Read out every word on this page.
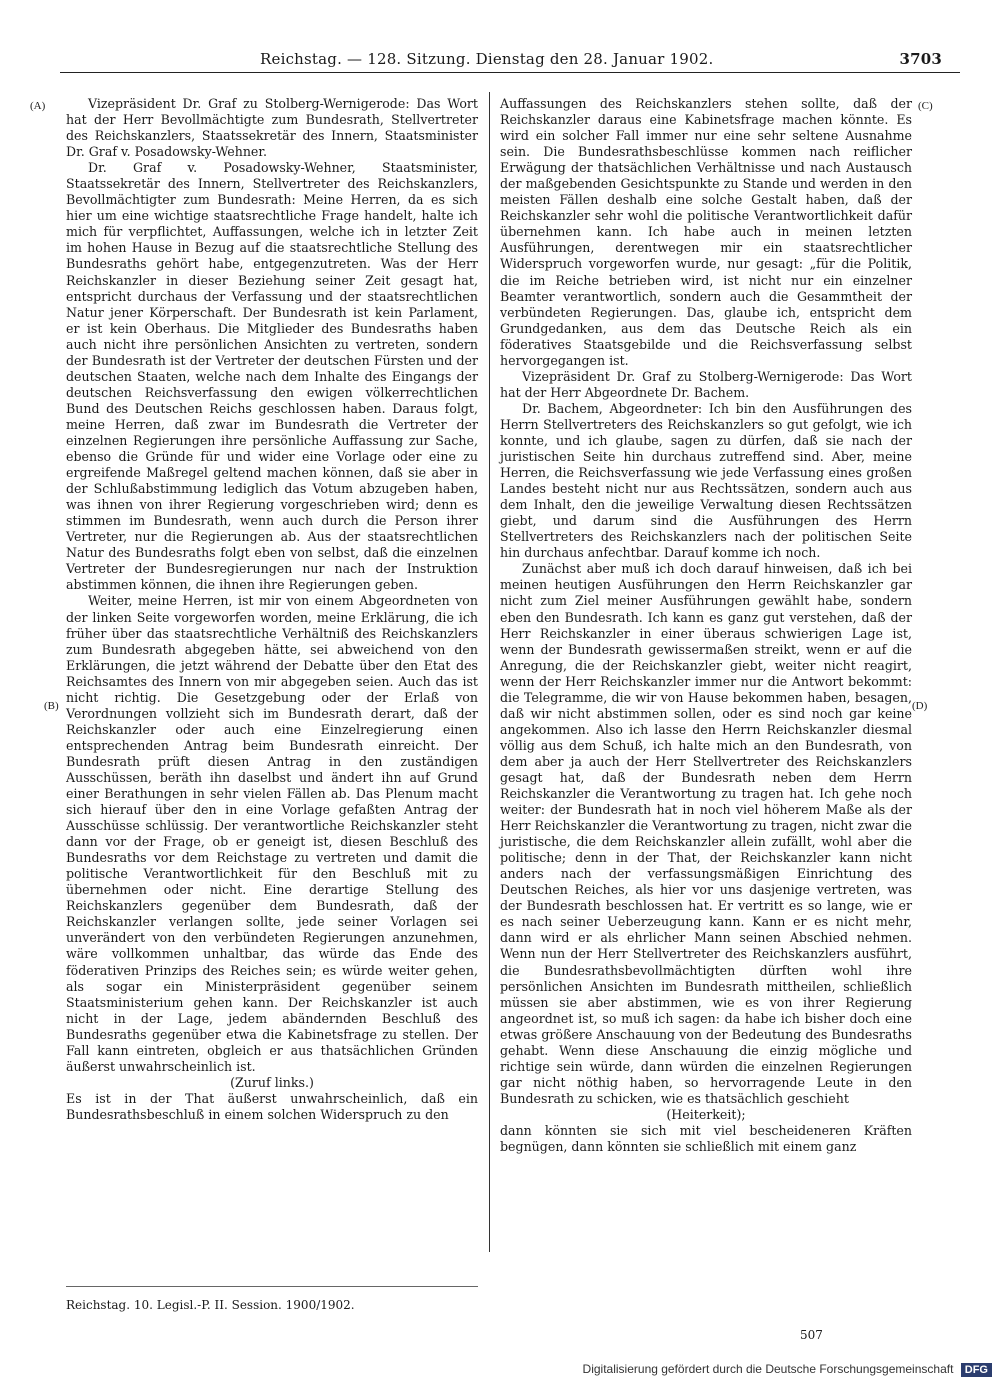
Reichstag. — 128. Sitzung. Dienstag den 28. Januar 1902.	3703
(A)
(B)
(C)
(D)

Vizepräsident Dr. Graf zu Stolberg-Wernigerode: Das Wort hat der Herr Bevollmächtigte zum Bundesrath, Stellvertreter des Reichskanzlers, Staatssekretär des Innern, Staatsminister Dr. Graf v. Posadowsky-Wehner.

Dr. Graf v. Posadowsky-Wehner, Staatsminister, Staatssekretär des Innern, Stellvertreter des Reichskanzlers, Bevollmächtigter zum Bundesrath: Meine Herren, da es sich hier um eine wichtige staatsrechtliche Frage handelt, halte ich mich für verpflichtet, Auffassungen, welche ich in letzter Zeit im hohen Hause in Bezug auf die staatsrechtliche Stellung des Bundesraths gehört habe, entgegenzutreten. Was der Herr Reichskanzler in dieser Beziehung seiner Zeit gesagt hat, entspricht durchaus der Verfassung und der staatsrechtlichen Natur jener Körperschaft. Der Bundesrath ist kein Parlament, er ist kein Oberhaus. Die Mitglieder des Bundesraths haben auch nicht ihre persönlichen Ansichten zu vertreten, sondern der Bundesrath ist der Vertreter der deutschen Fürsten und der deutschen Staaten, welche nach dem Inhalte des Eingangs der deutschen Reichsverfassung den ewigen völkerrechtlichen Bund des Deutschen Reichs geschlossen haben. Daraus folgt, meine Herren, daß zwar im Bundesrath die Vertreter der einzelnen Regierungen ihre persönliche Auffassung zur Sache, ebenso die Gründe für und wider eine Vorlage oder eine zu ergreifende Maßregel geltend machen können, daß sie aber in der Schlußabstimmung lediglich das Votum abzugeben haben, was ihnen von ihrer Regierung vorgeschrieben wird; denn es stimmen im Bundesrath, wenn auch durch die Person ihrer Vertreter, nur die Regierungen ab. Aus der staatsrechtlichen Natur des Bundesraths folgt eben von selbst, daß die einzelnen Vertreter der Bundesregierungen nur nach der Instruktion abstimmen können, die ihnen ihre Regierungen geben.

Weiter, meine Herren, ist mir von einem Abgeordneten von der linken Seite vorgeworfen worden, meine Erklärung, die ich früher über das staatsrechtliche Verhältniß des Reichskanzlers zum Bundesrath abgegeben hätte, sei abweichend von den Erklärungen, die jetzt während der Debatte über den Etat des Reichsamtes des Innern von mir abgegeben seien. Auch das ist nicht richtig. Die Gesetzgebung oder der Erlaß von Verordnungen vollzieht sich im Bundesrath derart, daß der Reichskanzler oder auch eine Einzelregierung einen entsprechenden Antrag beim Bundesrath einreicht. Der Bundesrath prüft diesen Antrag in den zuständigen Ausschüssen, beräth ihn daselbst und ändert ihn auf Grund einer Berathungen in sehr vielen Fällen ab. Das Plenum macht sich hierauf über den in eine Vorlage gefaßten Antrag der Ausschüsse schlüssig. Der verantwortliche Reichskanzler steht dann vor der Frage, ob er geneigt ist, diesen Beschluß des Bundesraths vor dem Reichstage zu vertreten und damit die politische Verantwortlichkeit für den Beschluß mit zu übernehmen oder nicht. Eine derartige Stellung des Reichskanzlers gegenüber dem Bundesrath, daß der Reichskanzler verlangen sollte, jede seiner Vorlagen sei unverändert von den verbündeten Regierungen anzunehmen, wäre vollkommen unhaltbar, das würde das Ende des föderativen Prinzips des Reiches sein; es würde weiter gehen, als sogar ein Ministerpräsident gegenüber seinem Staatsministerium gehen kann. Der Reichskanzler ist auch nicht in der Lage, jedem abändernden Beschluß des Bundesraths gegenüber etwa die Kabinetsfrage zu stellen. Der Fall kann eintreten, obgleich er aus thatsächlichen Gründen äußerst unwahrscheinlich ist.

(Zuruf links.)

Es ist in der That äußerst unwahrscheinlich, daß ein Bundesrathsbeschluß in einem solchen Widerspruch zu den

Auffassungen des Reichskanzlers stehen sollte, daß der Reichskanzler daraus eine Kabinetsfrage machen könnte. Es wird ein solcher Fall immer nur eine sehr seltene Ausnahme sein. Die Bundesrathsbeschlüsse kommen nach reiflicher Erwägung der thatsächlichen Verhältnisse und nach Austausch der maßgebenden Gesichtspunkte zu Stande und werden in den meisten Fällen deshalb eine solche Gestalt haben, daß der Reichskanzler sehr wohl die politische Verantwortlichkeit dafür übernehmen kann. Ich habe auch in meinen letzten Ausführungen, derentwegen mir ein staatsrechtlicher Widerspruch vorgeworfen wurde, nur gesagt: „für die Politik, die im Reiche betrieben wird, ist nicht nur ein einzelner Beamter verantwortlich, sondern auch die Gesammtheit der verbündeten Regierungen. Das, glaube ich, entspricht dem Grundgedanken, aus dem das Deutsche Reich als ein föderatives Staatsgebilde und die Reichsverfassung selbst hervorgegangen ist.

Vizepräsident Dr. Graf zu Stolberg-Wernigerode: Das Wort hat der Herr Abgeordnete Dr. Bachem.

Dr. Bachem, Abgeordneter: Ich bin den Ausführungen des Herrn Stellvertreters des Reichskanzlers so gut gefolgt, wie ich konnte, und ich glaube, sagen zu dürfen, daß sie nach der juristischen Seite hin durchaus zutreffend sind. Aber, meine Herren, die Reichsverfassung wie jede Verfassung eines großen Landes besteht nicht nur aus Rechtssätzen, sondern auch aus dem Inhalt, den die jeweilige Verwaltung diesen Rechtssätzen giebt, und darum sind die Ausführungen des Herrn Stellvertreters des Reichskanzlers nach der politischen Seite hin durchaus anfechtbar. Darauf komme ich noch.

Zunächst aber muß ich doch darauf hinweisen, daß ich bei meinen heutigen Ausführungen den Herrn Reichskanzler gar nicht zum Ziel meiner Ausführungen gewählt habe, sondern eben den Bundesrath. Ich kann es ganz gut verstehen, daß der Herr Reichskanzler in einer überaus schwierigen Lage ist, wenn der Bundesrath gewissermaßen streikt, wenn er auf die Anregung, die der Reichskanzler giebt, weiter nicht reagirt, wenn der Herr Reichskanzler immer nur die Antwort bekommt: die Telegramme, die wir von Hause bekommen haben, besagen, daß wir nicht abstimmen sollen, oder es sind noch gar keine angekommen. Also ich lasse den Herrn Reichskanzler diesmal völlig aus dem Schuß, ich halte mich an den Bundesrath, von dem aber ja auch der Herr Stellvertreter des Reichskanzlers gesagt hat, daß der Bundesrath neben dem Herrn Reichskanzler die Verantwortung zu tragen hat. Ich gehe noch weiter: der Bundesrath hat in noch viel höherem Maße als der Herr Reichskanzler die Verantwortung zu tragen, nicht zwar die juristische, die dem Reichskanzler allein zufällt, wohl aber die politische; denn in der That, der Reichskanzler kann nicht anders nach der verfassungsmäßigen Einrichtung des Deutschen Reiches, als hier vor uns dasjenige vertreten, was der Bundesrath beschlossen hat. Er vertritt es so lange, wie er es nach seiner Ueberzeugung kann. Kann er es nicht mehr, dann wird er als ehrlicher Mann seinen Abschied nehmen. Wenn nun der Herr Stellvertreter des Reichskanzlers ausführt, die Bundesrathsbevollmächtigten dürften wohl ihre persönlichen Ansichten im Bundesrath mittheilen, schließlich müssen sie aber abstimmen, wie es von ihrer Regierung angeordnet ist, so muß ich sagen: da habe ich bisher doch eine etwas größere Anschauung von der Bedeutung des Bundesraths gehabt. Wenn diese Anschauung die einzig mögliche und richtige sein würde, dann würden die einzelnen Regierungen gar nicht nöthig haben, so hervorragende Leute in den Bundesrath zu schicken, wie es thatsächlich geschieht

(Heiterkeit);

dann könnten sie sich mit viel bescheideneren Kräften begnügen, dann könnten sie schließlich mit einem ganz

Reichstag. 10. Legisl.-P. II. Session. 1900/1902.
507
Digitalisierung gefördert durch die Deutsche Forschungsgemeinschaft DFG
